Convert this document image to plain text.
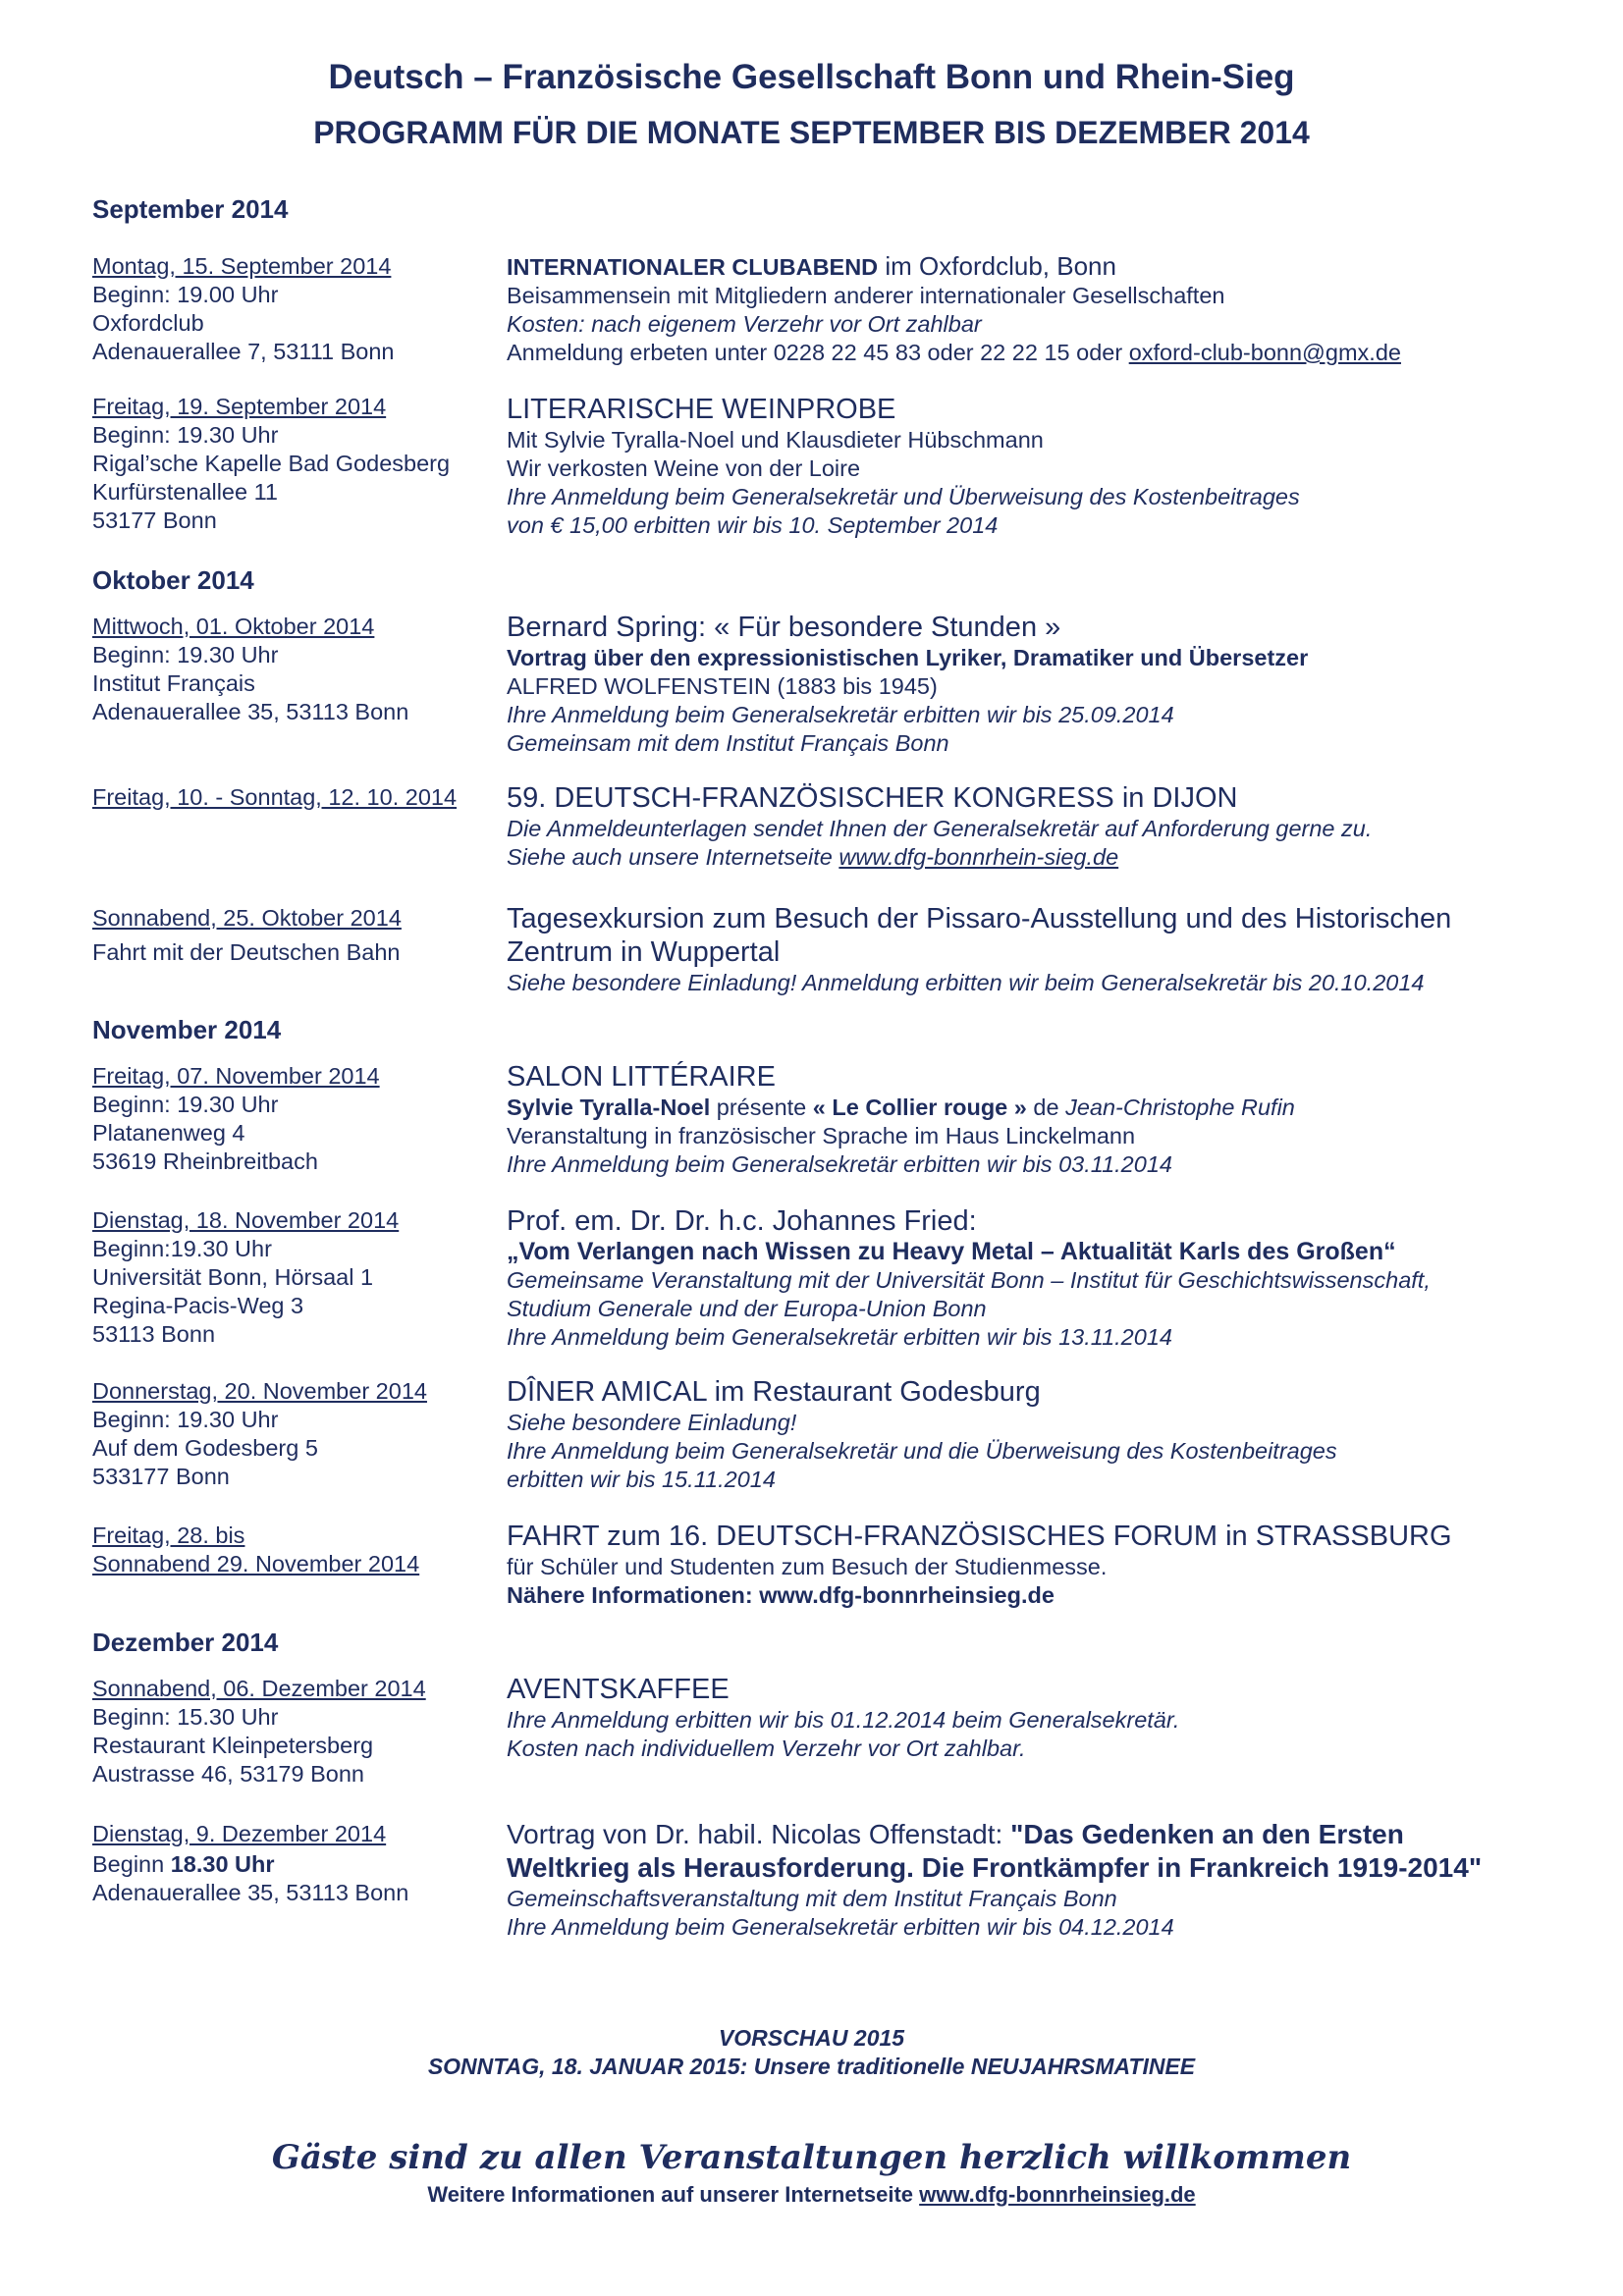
Deutsch – Französische Gesellschaft Bonn und Rhein-Sieg

PROGRAMM FÜR DIE MONATE SEPTEMBER BIS DEZEMBER 2014

September 2014

Montag, 15. September 2014
Beginn: 19.00 Uhr
Oxfordclub
Adenauerallee 7, 53111 Bonn
INTERNATIONALER CLUBABEND im Oxfordclub, Bonn
Beisammensein mit Mitgliedern anderer internationaler Gesellschaften
Kosten: nach eigenem Verzehr vor Ort zahlbar
Anmeldung erbeten unter 0228 22 45 83 oder 22 22 15 oder oxford-club-bonn@gmx.de
Freitag, 19. September 2014
Beginn: 19.30 Uhr
Rigal’sche Kapelle Bad Godesberg
Kurfürstenallee 11
53177 Bonn
LITERARISCHE WEINPROBE
Mit Sylvie Tyralla-Noel und Klausdieter Hübschmann
Wir verkosten Weine von der Loire
Ihre Anmeldung beim Generalsekretär und Überweisung des Kostenbeitrages
von € 15,00 erbitten wir bis 10. September 2014

Oktober 2014

Mittwoch, 01. Oktober 2014
Beginn: 19.30 Uhr
Institut Français
Adenauerallee 35, 53113 Bonn
Bernard Spring: « Für besondere Stunden »
Vortrag über den expressionistischen Lyriker, Dramatiker und Übersetzer
ALFRED WOLFENSTEIN (1883 bis 1945)
Ihre Anmeldung beim Generalsekretär erbitten wir bis 25.09.2014
Gemeinsam mit dem Institut Français Bonn
Freitag, 10. - Sonntag, 12. 10. 2014	59. DEUTSCH-FRANZÖSISCHER KONGRESS in DIJON
Die Anmeldeunterlagen sendet Ihnen der Generalsekretär auf Anforderung gerne zu.
Siehe auch unsere Internetseite www.dfg-bonnrhein-sieg.de
Sonnabend, 25. Oktober 2014
Fahrt mit der Deutschen Bahn
Tagesexkursion zum Besuch der Pissaro-Ausstellung und des Historischen
Zentrum in Wuppertal
Siehe besondere Einladung! Anmeldung erbitten wir beim Generalsekretär bis 20.10.2014

November 2014

Freitag, 07. November 2014
Beginn: 19.30 Uhr
Platanenweg 4
53619 Rheinbreitbach
SALON LITTÉRAIRE
Sylvie Tyralla-Noel présente « Le Collier rouge » de Jean-Christophe Rufin
Veranstaltung in französischer Sprache im Haus Linckelmann
Ihre Anmeldung beim Generalsekretär erbitten wir bis 03.11.2014
Dienstag, 18. November 2014
Beginn:19.30 Uhr
Universität Bonn, Hörsaal 1
Regina-Pacis-Weg 3
53113 Bonn
Prof. em. Dr. Dr. h.c. Johannes Fried:
„Vom Verlangen nach Wissen zu Heavy Metal – Aktualität Karls des Großen“
Gemeinsame Veranstaltung mit der Universität Bonn – Institut für Geschichtswissenschaft,
Studium Generale und der Europa-Union Bonn
Ihre Anmeldung beim Generalsekretär erbitten wir bis 13.11.2014
Donnerstag, 20. November 2014
Beginn: 19.30 Uhr
Auf dem Godesberg 5
533177 Bonn
DÎNER AMICAL im Restaurant Godesburg
Siehe besondere Einladung!
Ihre Anmeldung beim Generalsekretär und die Überweisung des Kostenbeitrages
erbitten wir bis 15.11.2014
Freitag, 28. bis
Sonnabend 29. November 2014
FAHRT zum 16. DEUTSCH-FRANZÖSISCHES FORUM in STRASSBURG
für Schüler und Studenten zum Besuch der Studienmesse.
Nähere Informationen: www.dfg-bonnrheinsieg.de

Dezember 2014

Sonnabend, 06. Dezember 2014
Beginn: 15.30 Uhr
Restaurant Kleinpetersberg
Austrasse 46, 53179 Bonn
AVENTSKAFFEE
Ihre Anmeldung erbitten wir bis 01.12.2014 beim Generalsekretär.
Kosten nach individuellem Verzehr vor Ort zahlbar.
Dienstag, 9. Dezember 2014
Beginn 18.30 Uhr
Adenauerallee 35, 53113 Bonn
Vortrag von Dr. habil. Nicolas Offenstadt: "Das Gedenken an den Ersten
Weltkrieg als Herausforderung. Die Frontkämpfer in Frankreich 1919-2014"
Gemeinschaftsveranstaltung mit dem Institut Français Bonn
Ihre Anmeldung beim Generalsekretär erbitten wir bis 04.12.2014
VORSCHAU 2015
SONNTAG, 18. JANUAR 2015: Unsere traditionelle NEUJAHRSMATINEE
Gäste sind zu allen Veranstaltungen herzlich willkommen
Weitere Informationen auf unserer Internetseite www.dfg-bonnrheinsieg.de
